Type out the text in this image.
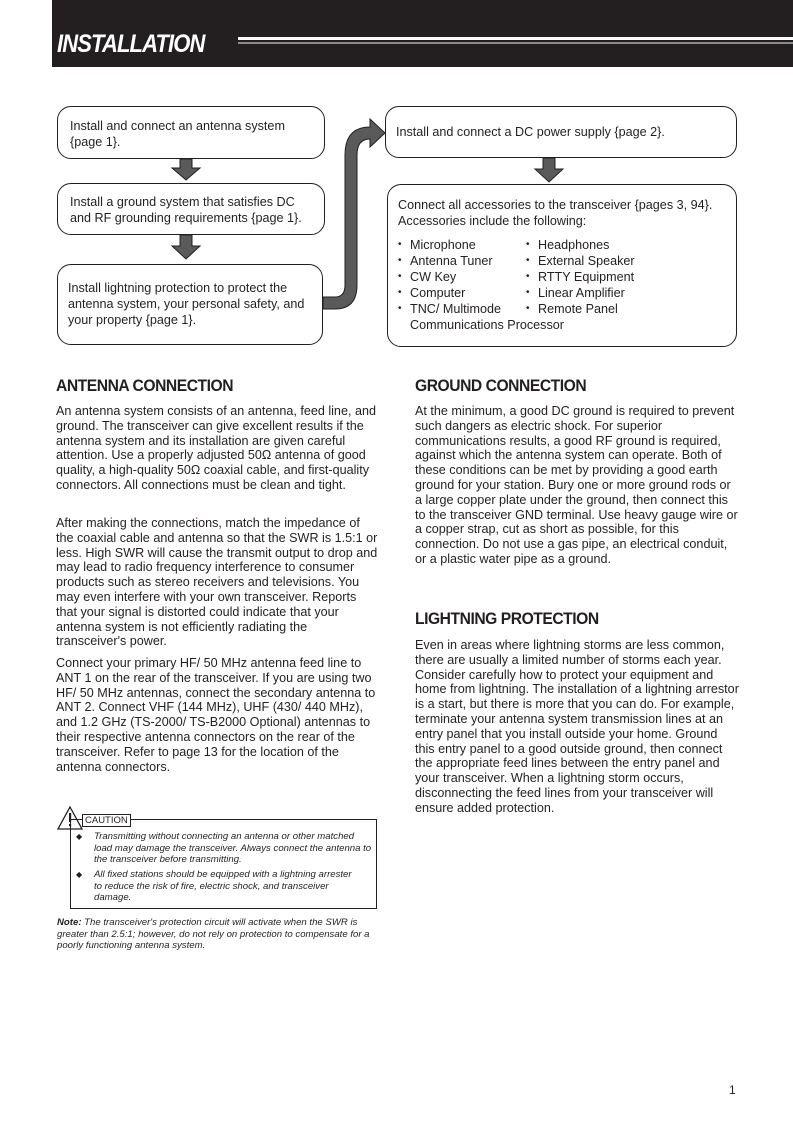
INSTALLATION
Install and connect an antenna system {page 1}.
Install a ground system that satisfies DC and RF grounding requirements {page 1}.
Install lightning protection to protect the antenna system, your personal safety, and your property {page 1}.
Install and connect a DC power supply {page 2}.
Connect all accessories to the transceiver {pages 3, 94}.
Accessories include the following:
• Microphone	• Headphones
• Antenna Tuner	• External Speaker
• CW Key	• RTTY Equipment
• Computer	• Linear Amplifier
• TNC/ Multimode	• Remote Panel
Communications Processor
ANTENNA CONNECTION
An antenna system consists of an antenna, feed line, and ground. The transceiver can give excellent results if the antenna system and its installation are given careful attention. Use a properly adjusted 50Ω antenna of good quality, a high-quality 50Ω coaxial cable, and first-quality connectors. All connections must be clean and tight.
After making the connections, match the impedance of the coaxial cable and antenna so that the SWR is 1.5:1 or less. High SWR will cause the transmit output to drop and may lead to radio frequency interference to consumer products such as stereo receivers and televisions. You may even interfere with your own transceiver. Reports that your signal is distorted could indicate that your antenna system is not efficiently radiating the transceiver's power.
Connect your primary HF/ 50 MHz antenna feed line to ANT 1 on the rear of the transceiver. If you are using two HF/ 50 MHz antennas, connect the secondary antenna to ANT 2. Connect VHF (144 MHz), UHF (430/ 440 MHz), and 1.2 GHz (TS-2000/ TS-B2000 Optional) antennas to their respective antenna connectors on the rear of the transceiver. Refer to page 13 for the location of the antenna connectors.
CAUTION
◆ Transmitting without connecting an antenna or other matched load may damage the transceiver. Always connect the antenna to the transceiver before transmitting.
◆ All fixed stations should be equipped with a lightning arrester to reduce the risk of fire, electric shock, and transceiver damage.
Note: The transceiver's protection circuit will activate when the SWR is greater than 2.5:1; however, do not rely on protection to compensate for a poorly functioning antenna system.
GROUND CONNECTION
At the minimum, a good DC ground is required to prevent such dangers as electric shock. For superior communications results, a good RF ground is required, against which the antenna system can operate. Both of these conditions can be met by providing a good earth ground for your station. Bury one or more ground rods or a large copper plate under the ground, then connect this to the transceiver GND terminal. Use heavy gauge wire or a copper strap, cut as short as possible, for this connection. Do not use a gas pipe, an electrical conduit, or a plastic water pipe as a ground.
LIGHTNING PROTECTION
Even in areas where lightning storms are less common, there are usually a limited number of storms each year. Consider carefully how to protect your equipment and home from lightning. The installation of a lightning arrestor is a start, but there is more that you can do. For example, terminate your antenna system transmission lines at an entry panel that you install outside your home. Ground this entry panel to a good outside ground, then connect the appropriate feed lines between the entry panel and your transceiver. When a lightning storm occurs, disconnecting the feed lines from your transceiver will ensure added protection.
1
